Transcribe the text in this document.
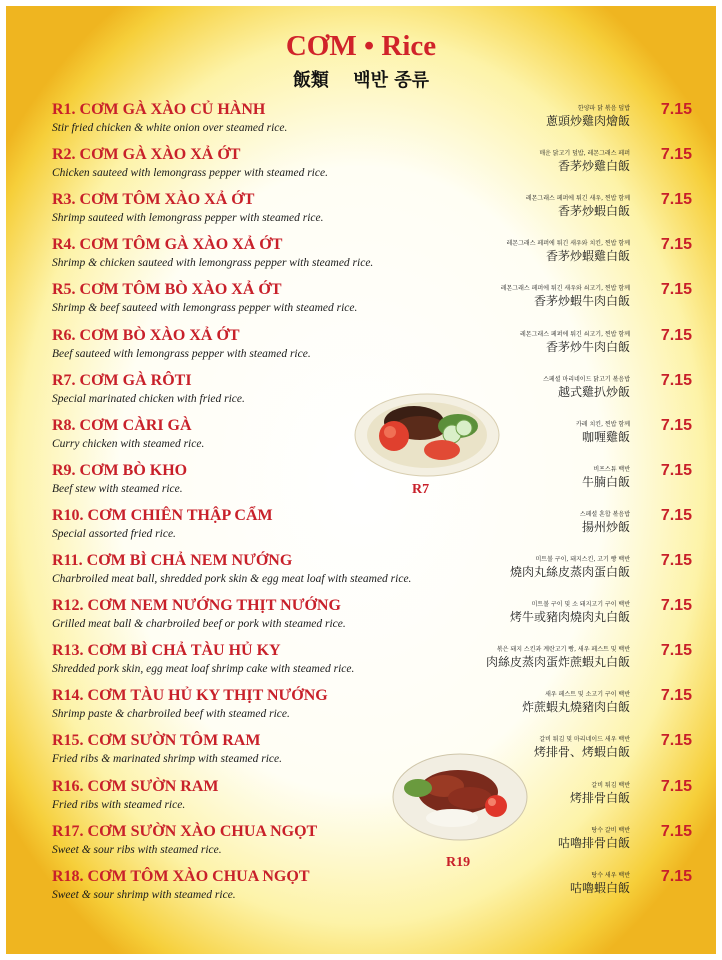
CƠM • Rice
飯類 백반 종류
R1. CƠM GÀ XÀO CỦ HÀNH
Stir fried chicken & white onion over steamed rice.
한양파 닭 볶음 덮밥
蔥頭炒雞肉燴飯
7.15
R2. CƠM GÀ XÀO XẢ ỚT
Chicken sauteed with lemongrass pepper with steamed rice.
매운 닭고기 덮밥, 레몬그래스 페퍼
香茅炒雞白飯
7.15
R3. CƠM TÔM XÀO XẢ ỚT
Shrimp sauteed with lemongrass pepper with steamed rice.
레몬그래스 페퍼에 튀긴 새우, 찐밥 함께
香茅炒蝦白飯
7.15
R4. CƠM TÔM GÀ XÀO XẢ ỚT
Shrimp & chicken sauteed with lemongrass pepper with steamed rice.
레몬그래스 페퍼에 튀긴 새우와 치킨, 찐밥 함께
香茅炒蝦雞白飯
7.15
R5. CƠM TÔM BÒ XÀO XẢ ỚT
Shrimp & beef sauteed with lemongrass pepper with steamed rice.
레몬그래스 페퍼에 튀긴 새우와 쇠고기, 찐밥 함께
香茅炒蝦牛肉白飯
7.15
R6. CƠM BÒ XÀO XẢ ỚT
Beef sauteed with lemongrass pepper with steamed rice.
레몬그래스 페퍼에 튀긴 쇠고기, 찐밥 함께
香茅炒牛肉白飯
7.15
R7. CƠM GÀ RÔTI
Special marinated chicken with fried rice.
스페셜 마리네이드 닭고기 볶음밥
越式雞扒炒飯
7.15
R8. CƠM CÀRI GÀ
Curry chicken with steamed rice.
카레 치킨, 찐밥 함께
咖喱雞飯
7.15
R9. CƠM BÒ KHO
Beef stew with steamed rice.
비프스튜 백반
牛腩白飯
7.15
R10. CƠM CHIÊN THẬP CẨM
Special assorted fried rice.
스페셜 혼합 볶음밥
揚州炒飯
7.15
R11. CƠM BÌ CHẢ NEM NƯỚNG
Charbroiled meat ball, shredded pork skin & egg meat loaf with steamed rice.
미트볼 구이, 돼지스킨, 고기 빵 백반
燒肉丸絲皮蒸肉蛋白飯
7.15
R12. CƠM NEM NƯỚNG THỊT NƯỚNG
Grilled meat ball & charbroiled beef or pork with steamed rice.
미트볼 구이 및 소 돼지고기 구이 백반
烤牛或豬肉燒肉丸白飯
7.15
R13. CƠM BÌ CHẢ TÀU HỦ KY
Shredded pork skin, egg meat loaf shrimp cake with steamed rice.
볶은 돼지 스킨과 계란고기 빵, 새우 페스트 및 백반
肉絲皮蒸肉蛋炸蔗蝦丸白飯
7.15
R14. CƠM TÀU HỦ KY THỊT NƯỚNG
Shrimp paste & charbroiled beef with steamed rice.
새우 페스트 및 소고기 구이 백반
炸蔗蝦丸燒豬肉白飯
7.15
R15. CƠM SƯỜN TÔM RAM
Fried ribs & marinated shrimp with steamed rice.
갈비 튀김 및 마리네이드 새우 백반
烤排骨、烤蝦白飯
7.15
R16. CƠM SƯỜN RAM
Fried ribs with steamed rice.
갈비 튀김 백반
烤排骨白飯
7.15
R17. CƠM SƯỜN XÀO CHUA NGỌT
Sweet & sour ribs with steamed rice.
탕수 갈비 백반
咕嚕排骨白飯
7.15
R18. CƠM TÔM XÀO CHUA NGỌT
Sweet & sour shrimp with steamed rice.
탕수 새우 백반
咕嚕蝦白飯
7.15
R7
R19
